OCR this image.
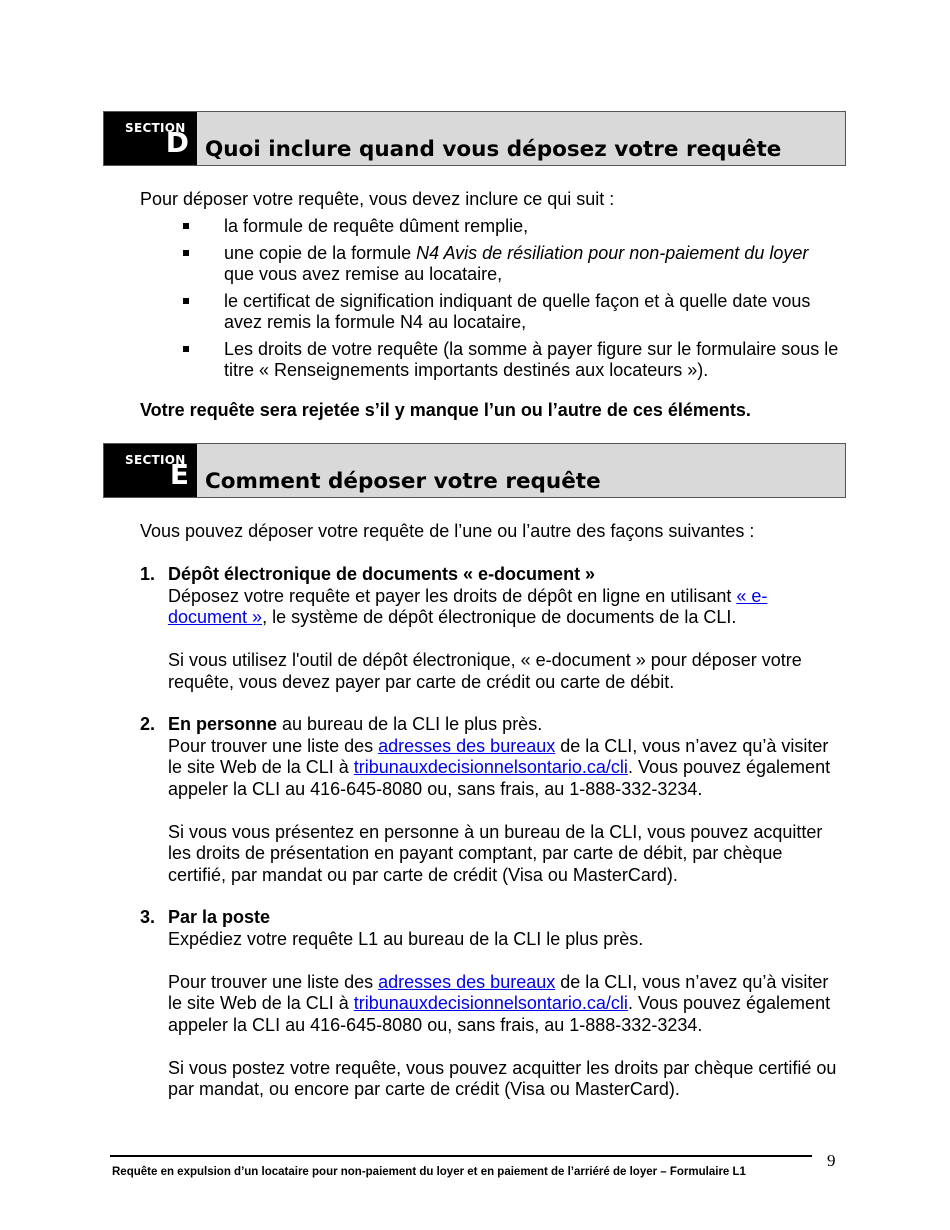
SECTION
D Quoi inclure quand vous déposez votre requête
Pour déposer votre requête, vous devez inclure ce qui suit :
la formule de requête dûment remplie,
une copie de la formule N4 Avis de résiliation pour non-paiement du loyer que vous avez remise au locataire,
le certificat de signification indiquant de quelle façon et à quelle date vous avez remis la formule N4 au locataire,
Les droits de votre requête (la somme à payer figure sur le formulaire sous le titre « Renseignements importants destinés aux locateurs »).
Votre requête sera rejetée s’il y manque l’un ou l’autre de ces éléments.
SECTION
E Comment déposer votre requête
Vous pouvez déposer votre requête de l’une ou l’autre des façons suivantes :
1. Dépôt électronique de documents « e-document »

Déposez votre requête et payer les droits de dépôt en ligne en utilisant « e-document », le système de dépôt électronique de documents de la CLI.

Si vous utilisez l'outil de dépôt électronique, « e-document » pour déposer votre requête, vous devez payer par carte de crédit ou carte de débit.

2. En personne au bureau de la CLI le plus près.

Pour trouver une liste des adresses des bureaux de la CLI, vous n’avez qu’à visiter le site Web de la CLI à tribunauxdecisionnelsontario.ca/cli. Vous pouvez également appeler la CLI au 416-645-8080 ou, sans frais, au 1-888-332-3234.

Si vous vous présentez en personne à un bureau de la CLI, vous pouvez acquitter les droits de présentation en payant comptant, par carte de débit, par chèque certifié, par mandat ou par carte de crédit (Visa ou MasterCard).

3. Par la poste

Expédiez votre requête L1 au bureau de la CLI le plus près.

Pour trouver une liste des adresses des bureaux de la CLI, vous n’avez qu’à visiter le site Web de la CLI à tribunauxdecisionnelsontario.ca/cli. Vous pouvez également appeler la CLI au 416-645-8080 ou, sans frais, au 1-888-332-3234.

Si vous postez votre requête, vous pouvez acquitter les droits par chèque certifié ou par mandat, ou encore par carte de crédit (Visa ou MasterCard).

Requête en expulsion d’un locataire pour non-paiement du loyer et en paiement de l’arriéré de loyer – Formulaire L1
9
